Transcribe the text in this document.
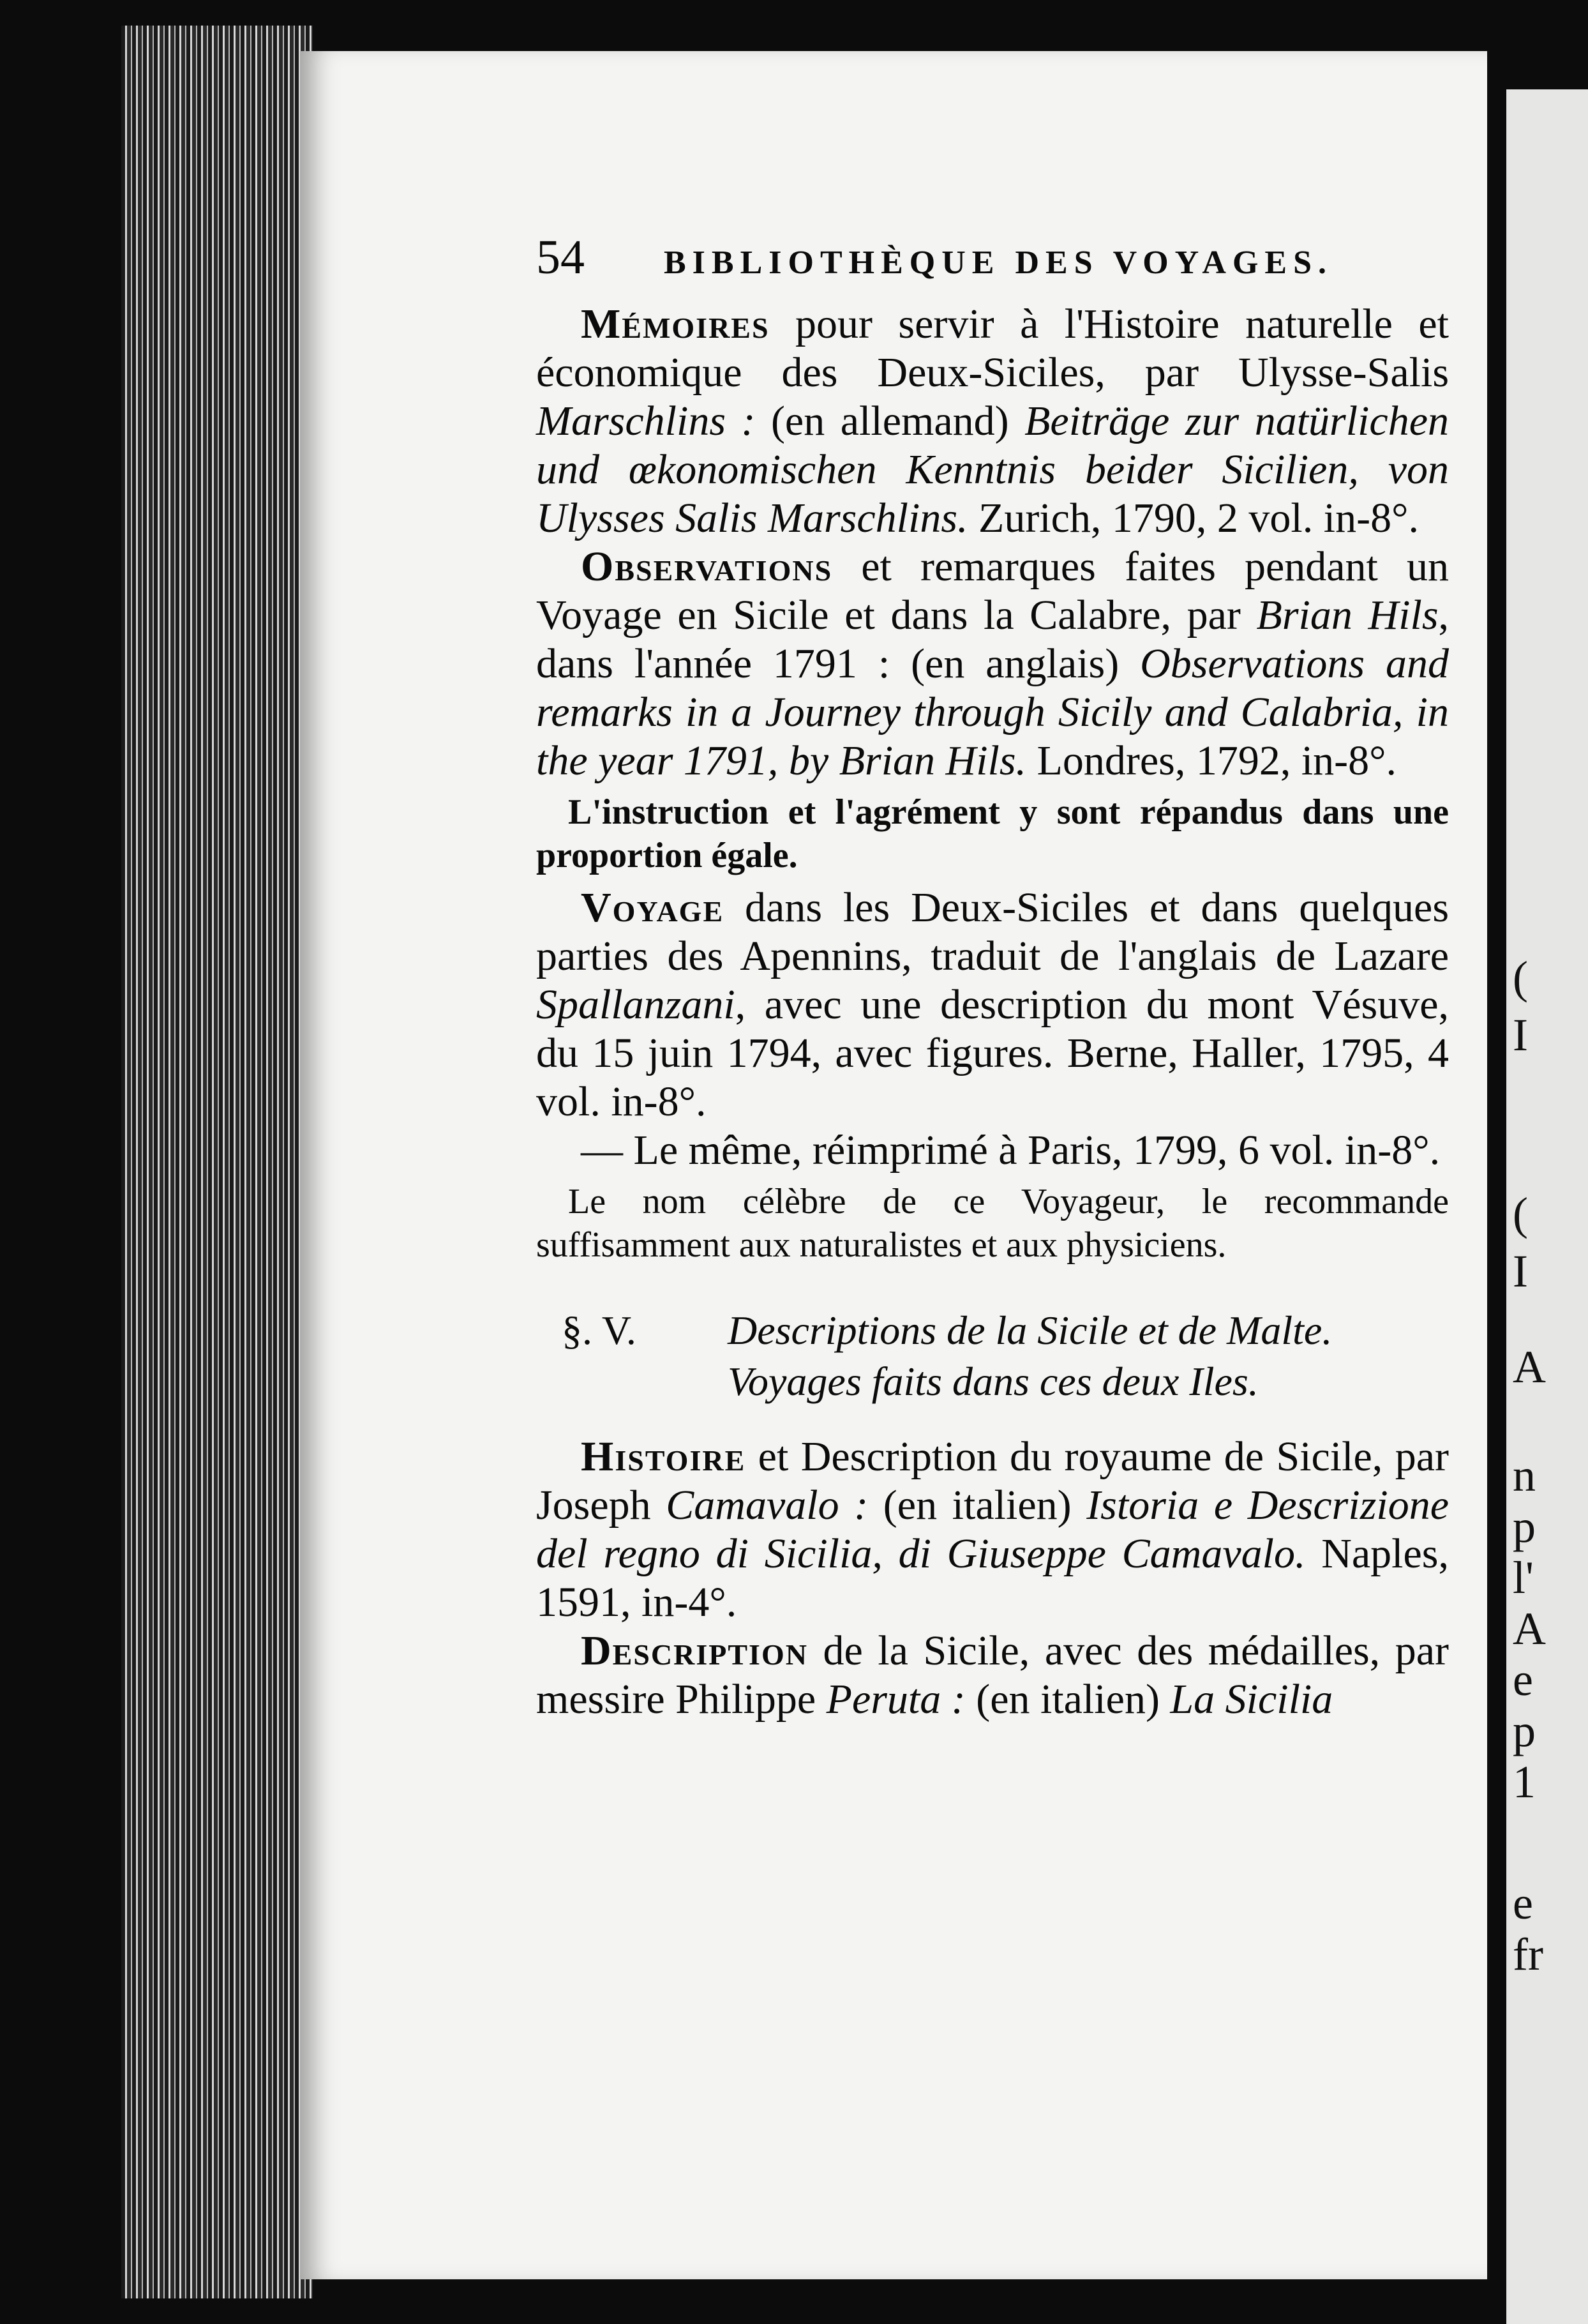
(
I
(
I
A
n
p
l'
A
e
p
1
e
fr
54	BIBLIOTHÈQUE DES VOYAGES.

Mémoires pour servir à l'Histoire naturelle et économique des Deux-Siciles, par Ulysse-Salis Marschlins : (en allemand) Beiträge zur natürlichen und œkonomischen Kenntnis beider Sicilien, von Ulysses Salis Marschlins. Zurich, 1790, 2 vol. in-8°.

Observations et remarques faites pendant un Voyage en Sicile et dans la Calabre, par Brian Hils, dans l'année 1791 : (en anglais) Observations and remarks in a Journey through Sicily and Calabria, in the year 1791, by Brian Hils. Londres, 1792, in-8°.

L'instruction et l'agrément y sont répandus dans une proportion égale.

Voyage dans les Deux-Siciles et dans quelques parties des Apennins, traduit de l'anglais de Lazare Spallanzani, avec une description du mont Vésuve, du 15 juin 1794, avec figures. Berne, Haller, 1795, 4 vol. in-8°.

— Le même, réimprimé à Paris, 1799, 6 vol. in-8°.

Le nom célèbre de ce Voyageur, le recommande suffisamment aux naturalistes et aux physiciens.

§. V. Descriptions de la Sicile et de Malte.
Voyages faits dans ces deux Iles.

Histoire et Description du royaume de Sicile, par Joseph Camavalo : (en italien) Istoria e Descrizione del regno di Sicilia, di Giuseppe Camavalo. Naples, 1591, in-4°.

Description de la Sicile, avec des médailles, par messire Philippe Peruta : (en italien) La Sicilia
